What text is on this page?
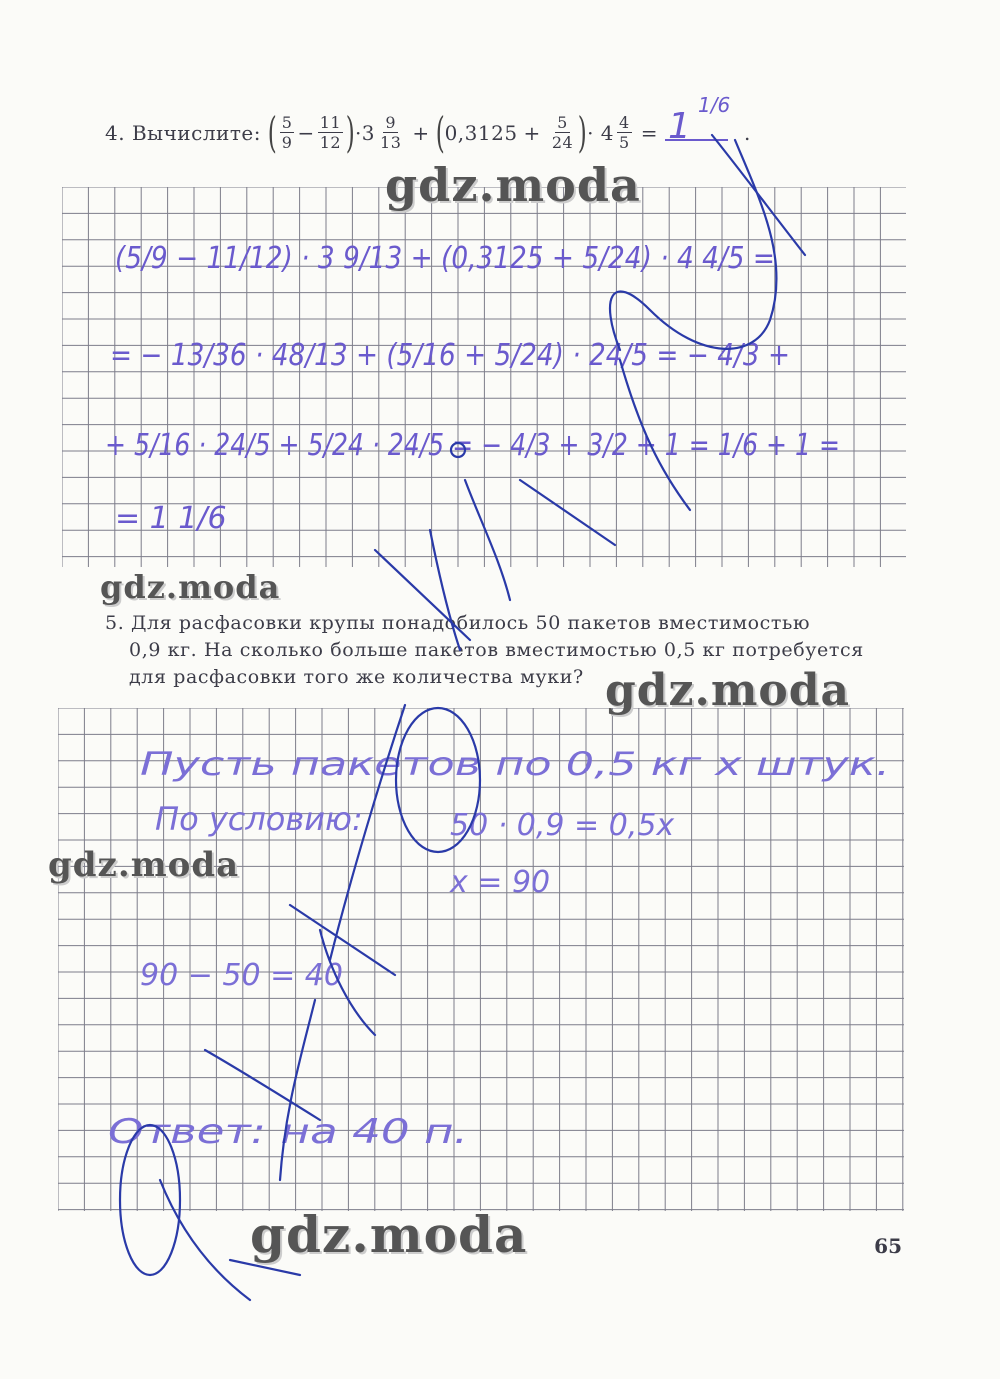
4.
Вычислите:
( $\frac{5}{9} - \frac{11}{12}$ ) $\cdot 3 \frac{9}{13}$ + ( $0,3125 + \frac{5}{24}$ ) · $4 \frac{4}{5}$ =	.
5. Для расфасовки крупы понадобилось 50 пакетов вместимостью
0,9 кг. На сколько больше пакетов вместимостью 0,5 кг потребуется
для расфасовки того же количества муки?
1
1/6
(5/9 − 11/12) · 3 9/13 + (0,3125 + 5/24) · 4 4/5 =
= − 13/36 · 48/13 + (5/16 + 5/24) · 24/5 = − 4/3 +
+ 5/16 · 24/5 + 5/24 · 24/5 = − 4/3 + 3/2 + 1 = 1/6 + 1 =
= 1 1/6
Пусть пакетов по 0,5 кг x штук.
По условию:	50 · 0,9 = 0,5x
x = 90
90 − 50 = 40
Ответ: на 40 п.
gdz.moda
gdz.moda
gdz.moda
gdz.moda
gdz.moda	65
